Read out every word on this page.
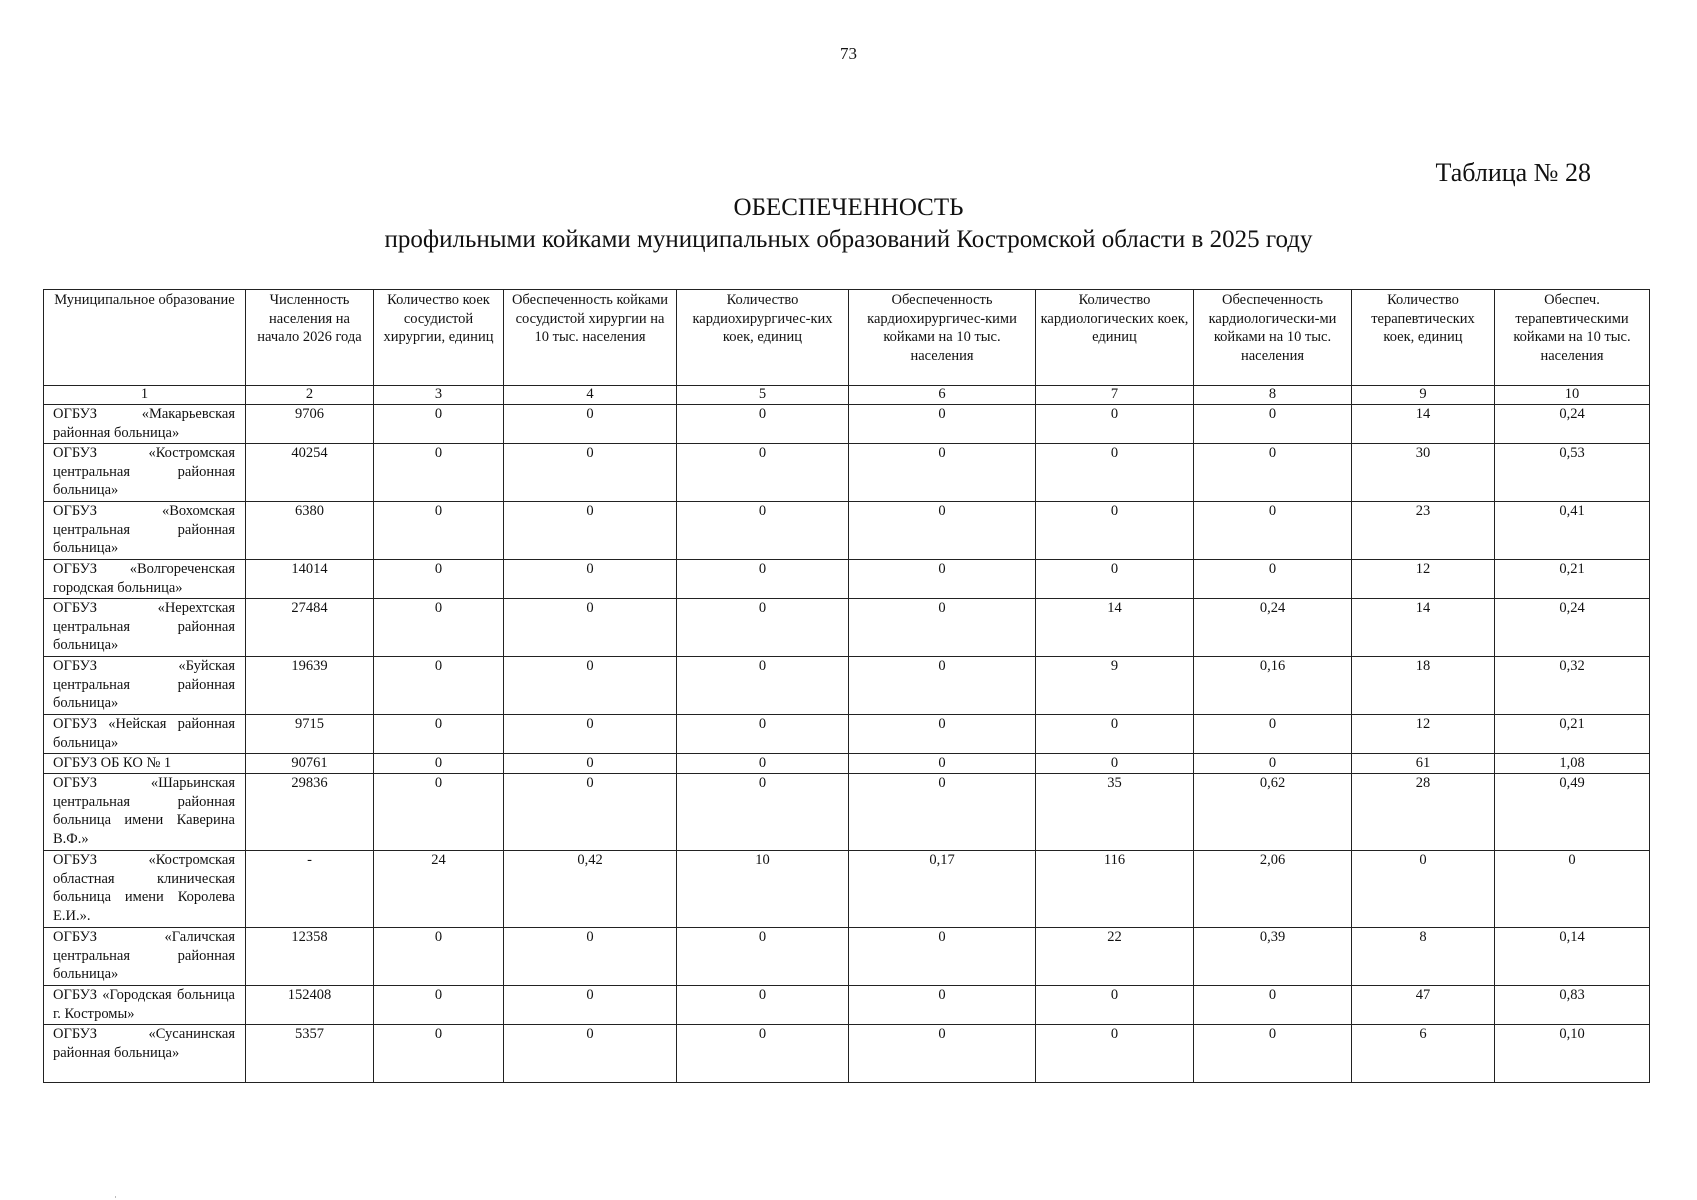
73
Таблица № 28
ОБЕСПЕЧЕННОСТЬ
профильными койками муниципальных образований Костромской области в 2025 году
Муниципальное образование	Численность населения на начало 2026 года	Количество коек сосудистой хирургии, единиц	Обеспеченность койками сосудистой хирургии на 10 тыс. населения	Количество кардиохирургичес-ких коек, единиц	Обеспеченность кардиохирургичес-кими койками на 10 тыс. населения	Количество кардиологических коек, единиц	Обеспеченность кардиологически-ми койками на 10 тыс. населения	Количество терапевтических коек, единиц	Обеспеч. терапевтическими койками на 10 тыс. населения
1	2	3	4	5	6	7	8	9	10
ОГБУЗ «Макарьевская районная больница»	9706	0	0	0	0	0	0	14	0,24
ОГБУЗ «Костромская центральная районная больница»	40254	0	0	0	0	0	0	30	0,53
ОГБУЗ «Вохомская центральная районная больница»	6380	0	0	0	0	0	0	23	0,41
ОГБУЗ «Волгореченская городская больница»	14014	0	0	0	0	0	0	12	0,21
ОГБУЗ «Нерехтская центральная районная больница»	27484	0	0	0	0	14	0,24	14	0,24
ОГБУЗ «Буйская центральная районная больница»	19639	0	0	0	0	9	0,16	18	0,32
ОГБУЗ «Нейская районная больница»	9715	0	0	0	0	0	0	12	0,21
ОГБУЗ ОБ КО № 1	90761	0	0	0	0	0	0	61	1,08
ОГБУЗ «Шарьинская центральная районная больница имени Каверина В.Ф.»	29836	0	0	0	0	35	0,62	28	0,49
ОГБУЗ «Костромская областная клиническая больница имени Королева Е.И.».	-	24	0,42	10	0,17	116	2,06	0	0
ОГБУЗ «Галичская центральная районная больница»	12358	0	0	0	0	22	0,39	8	0,14
ОГБУЗ «Городская больница г. Костромы»	152408	0	0	0	0	0	0	47	0,83
ОГБУЗ «Сусанинская районная больница»	5357	0	0	0	0	0	0	6	0,10
